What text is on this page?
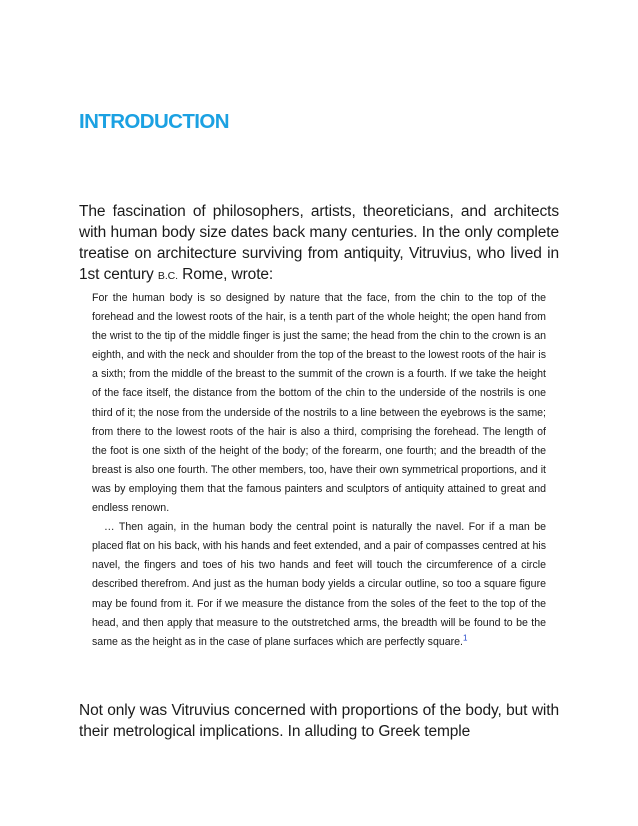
INTRODUCTION

The fascination of philosophers, artists, theoreticians, and architects with human body size dates back many centuries. In the only complete treatise on architecture surviving from antiquity, Vitruvius, who lived in 1st century B.C. Rome, wrote:

For the human body is so designed by nature that the face, from the chin to the top of the forehead and the lowest roots of the hair, is a tenth part of the whole height; the open hand from the wrist to the tip of the middle finger is just the same; the head from the chin to the crown is an eighth, and with the neck and shoulder from the top of the breast to the lowest roots of the hair is a sixth; from the middle of the breast to the summit of the crown is a fourth. If we take the height of the face itself, the distance from the bottom of the chin to the underside of the nostrils is one third of it; the nose from the underside of the nostrils to a line between the eyebrows is the same; from there to the lowest roots of the hair is also a third, comprising the forehead. The length of the foot is one sixth of the height of the body; of the forearm, one fourth; and the breadth of the breast is also one fourth. The other members, too, have their own symmetrical proportions, and it was by employing them that the famous painters and sculptors of antiquity attained to great and endless renown.

… Then again, in the human body the central point is naturally the navel. For if a man be placed flat on his back, with his hands and feet extended, and a pair of compasses centred at his navel, the fingers and toes of his two hands and feet will touch the circumference of a circle described therefrom. And just as the human body yields a circular outline, so too a square figure may be found from it. For if we measure the distance from the soles of the feet to the top of the head, and then apply that measure to the outstretched arms, the breadth will be found to be the same as the height as in the case of plane surfaces which are perfectly square.$^1$

Not only was Vitruvius concerned with proportions of the body, but with their metrological implications. In alluding to Greek temple
